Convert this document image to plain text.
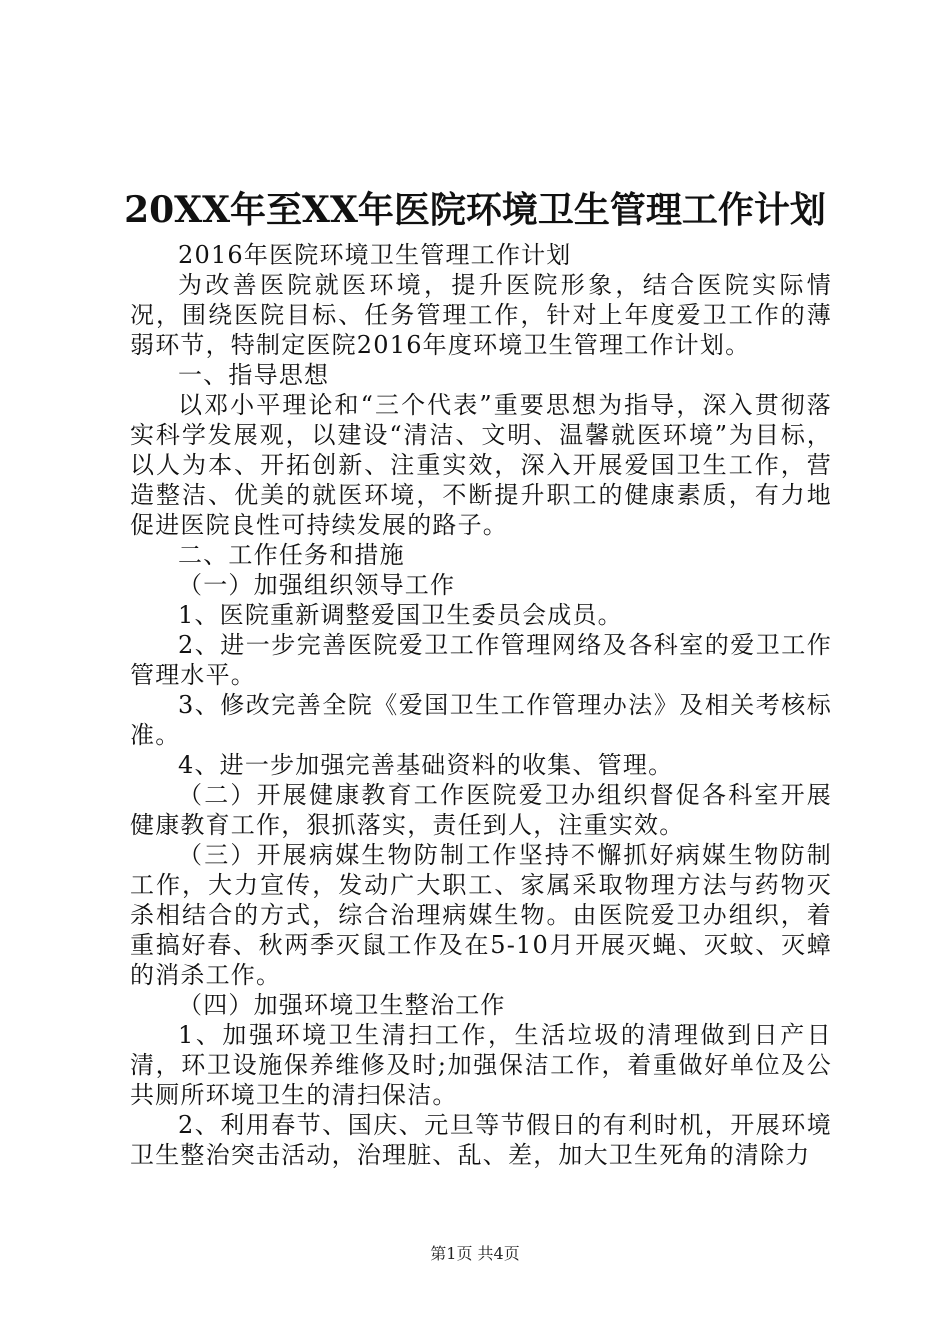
20XX年至XX年医院环境卫生管理工作计划

2016年医院环境卫生管理工作计划

为改善医院就医环境，提升医院形象，结合医院实际情况，围绕医院目标、任务管理工作，针对上年度爱卫工作的薄弱环节，特制定医院2016年度环境卫生管理工作计划。

一、指导思想

以邓小平理论和“三个代表”重要思想为指导，深入贯彻落实科学发展观，以建设“清洁、文明、温馨就医环境”为目标，以人为本、开拓创新、注重实效，深入开展爱国卫生工作，营造整洁、优美的就医环境，不断提升职工的健康素质，有力地促进医院良性可持续发展的路子。

二、工作任务和措施

（一）加强组织领导工作

1、医院重新调整爱国卫生委员会成员。

2、进一步完善医院爱卫工作管理网络及各科室的爱卫工作管理水平。

3、修改完善全院《爱国卫生工作管理办法》及相关考核标准。

4、进一步加强完善基础资料的收集、管理。

（二）开展健康教育工作医院爱卫办组织督促各科室开展健康教育工作，狠抓落实，责任到人，注重实效。

（三）开展病媒生物防制工作坚持不懈抓好病媒生物防制工作，大力宣传，发动广大职工、家属采取物理方法与药物灭杀相结合的方式，综合治理病媒生物。由医院爱卫办组织，着重搞好春、秋两季灭鼠工作及在5-10月开展灭蝇、灭蚊、灭蟑的消杀工作。

（四）加强环境卫生整治工作

1、加强环境卫生清扫工作，生活垃圾的清理做到日产日清，环卫设施保养维修及时;加强保洁工作，着重做好单位及公共厕所环境卫生的清扫保洁。

2、利用春节、国庆、元旦等节假日的有利时机，开展环境卫生整治突击活动，治理脏、乱、差，加大卫生死角的清除力

第1页 共4页
